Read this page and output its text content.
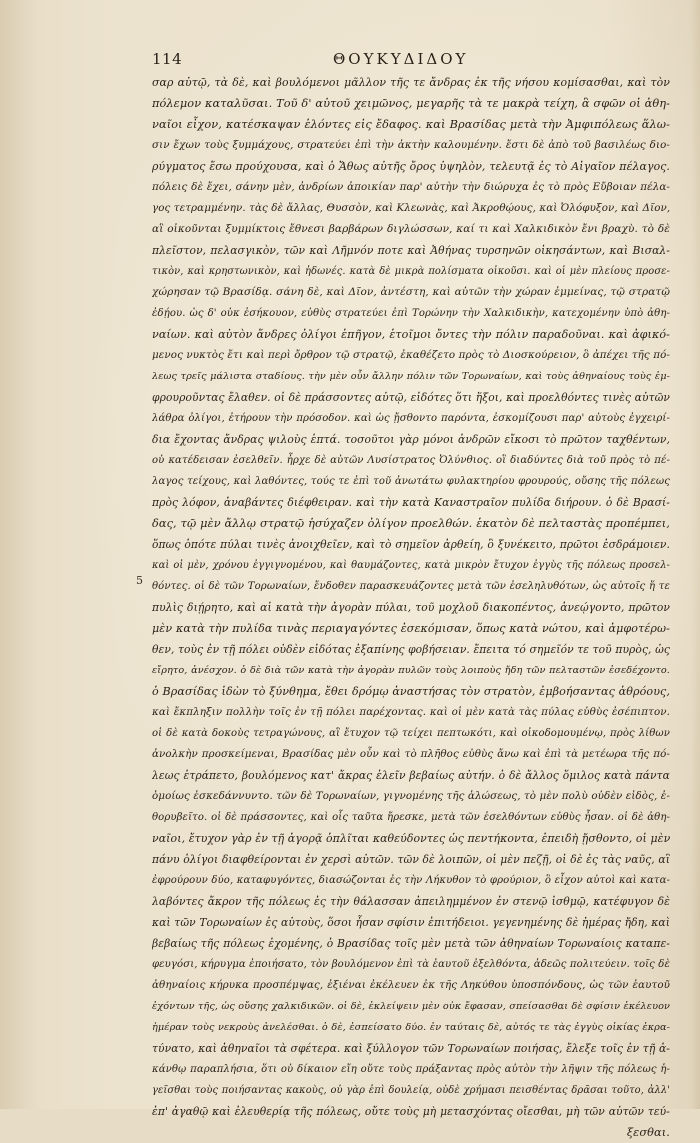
114	ΘΟΥΚΥΔΙΔΟΥ
5
σαρ αὐτῷ, τὰ δὲ, καὶ βουλόμενοι μᾶλλον τῆς τε ἄνδρας ἐκ τῆς νήσου κομίσασθαι, καὶ τὸν
πόλεμον καταλῦσαι. Τοῦ δ' αὐτοῦ χειμῶνος, μεγαρῆς τὰ τε μακρὰ τείχη, ἃ σφῶν οἱ ἀθη-
ναῖοι εἶχον, κατέσκαψαν ἑλόντες εἰς ἔδαφος. καὶ Βρασίδας μετὰ τὴν Ἀμφιπόλεως ἅλω-
σιν ἔχων τοὺς ξυμμάχους, στρατεύει ἐπὶ τὴν ἀκτὴν καλουμένην. ἔστι δὲ ἀπὸ τοῦ βασιλέως διο-
ρύγματος ἔσω προύχουσα, καὶ ὁ Ἄθως αὐτῆς ὄρος ὑψηλὸν, τελευτᾷ ἐς τὸ Αἰγαῖον πέλαγος.
πόλεις δὲ ἔχει, σάνην μὲν, ἀνδρίων ἀποικίαν παρ' αὐτὴν τὴν διώρυχα ἐς τὸ πρὸς Εὔβοιαν πέλα-
γος τετραμμένην. τὰς δὲ ἄλλας, Θυσσὸν, καὶ Κλεωνὰς, καὶ Ἀκροθῴους, καὶ Ὀλόφυξον, καὶ Δῖον,
αἳ οἰκοῦνται ξυμμίκτοις ἔθνεσι βαρβάρων διγλώσσων, καί τι καὶ Χαλκιδικὸν ἔνι βραχὺ. τὸ δὲ
πλεῖστον, πελασγικὸν, τῶν καὶ Λῆμνόν ποτε καὶ Ἀθήνας τυρσηνῶν οἰκησάντων, καὶ Βισαλ-
τικὸν, καὶ κρηστωνικὸν, καὶ ἠδωνές. κατὰ δὲ μικρὰ πολίσματα οἰκοῦσι. καὶ οἱ μὲν πλείους προσε-
χώρησαν τῷ Βρασίδᾳ. σάνη δὲ, καὶ Δῖον, ἀντέστη, καὶ αὐτῶν τὴν χώραν ἐμμείνας, τῷ στρατῷ
ἐδῄου. ὡς δ' οὐκ ἐσήκουον, εὐθὺς στρατεύει ἐπὶ Τορώνην τὴν Χαλκιδικὴν, κατεχομένην ὑπὸ ἀθη-
ναίων. καὶ αὐτὸν ἄνδρες ὀλίγοι ἐπῆγον, ἑτοῖμοι ὄντες τὴν πόλιν παραδοῦναι. καὶ ἀφικό-
μενος νυκτὸς ἔτι καὶ περὶ ὄρθρον τῷ στρατῷ, ἐκαθέζετο πρὸς τὸ Διοσκούρειον, ὃ ἀπέχει τῆς πό-
λεως τρεῖς μάλιστα σταδίους. τὴν μὲν οὖν ἄλλην πόλιν τῶν Τορωναίων, καὶ τοὺς ἀθηναίους τοὺς ἐμ-
φρουροῦντας ἔλαθεν. οἱ δὲ πράσσοντες αὐτῷ, εἰδότες ὅτι ἥξοι, καὶ προελθόντες τινὲς αὐτῶν
λάθρα ὀλίγοι, ἐτήρουν τὴν πρόσοδον. καὶ ὡς ᾔσθοντο παρόντα, ἐσκομίζουσι παρ' αὐτοὺς ἐγχειρί-
δια ἔχοντας ἄνδρας ψιλοὺς ἑπτά. τοσοῦτοι γὰρ μόνοι ἀνδρῶν εἴκοσι τὸ πρῶτον ταχθέντων,
οὐ κατέδεισαν ἐσελθεῖν. ἦρχε δὲ αὐτῶν Λυσίστρατος Ὀλύνθιος. οἳ διαδύντες διὰ τοῦ πρὸς τὸ πέ-
λαγος τείχους, καὶ λαθόντες, τούς τε ἐπὶ τοῦ ἀνωτάτω φυλακτηρίου φρουρούς, οὔσης τῆς πόλεως
πρὸς λόφον, ἀναβάντες διέφθειραν. καὶ τὴν κατὰ Καναστραῖον πυλίδα διήρουν. ὁ δὲ Βρασί-
δας, τῷ μὲν ἄλλῳ στρατῷ ἡσύχαζεν ὀλίγον προελθών. ἑκατὸν δὲ πελταστὰς προπέμπει,
ὅπως ὁπότε πύλαι τινὲς ἀνοιχθεῖεν, καὶ τὸ σημεῖον ἀρθείη, ὃ ξυνέκειτο, πρῶτοι ἐσδράμοιεν.
καὶ οἱ μὲν, χρόνου ἐγγιγνομένου, καὶ θαυμάζοντες, κατὰ μικρὸν ἔτυχον ἐγγὺς τῆς πόλεως προσελ-
θόντες. οἱ δὲ τῶν Τορωναίων, ἔνδοθεν παρασκευάζοντες μετὰ τῶν ἐσεληλυθότων, ὡς αὐτοῖς ἥ τε
πυλὶς διῄρητο, καὶ αἱ κατὰ τὴν ἀγορὰν πύλαι, τοῦ μοχλοῦ διακοπέντος, ἀνεῴγοντο, πρῶτον
μὲν κατὰ τὴν πυλίδα τινὰς περιαγαγόντες ἐσεκόμισαν, ὅπως κατὰ νώτου, καὶ ἀμφοτέρω-
θεν, τοὺς ἐν τῇ πόλει οὐδὲν εἰδότας ἐξαπίνης φοβήσειαν. ἔπειτα τό σημεῖόν τε τοῦ πυρὸς, ὡς
εἴρητο, ἀνέσχον. ὁ δὲ διὰ τῶν κατὰ τὴν ἀγορὰν πυλῶν τοὺς λοιποὺς ἤδη τῶν πελταστῶν ἐσεδέχοντο.
ὁ Βρασίδας ἰδὼν τὸ ξύνθημα, ἔθει δρόμῳ ἀναστήσας τὸν στρατὸν, ἐμβοήσαντας ἁθρόους,
καὶ ἔκπληξιν πολλὴν τοῖς ἐν τῇ πόλει παρέχοντας. καὶ οἱ μὲν κατὰ τὰς πύλας εὐθὺς ἐσέπιπτον.
οἱ δὲ κατὰ δοκοὺς τετραγώνους, αἳ ἔτυχον τῷ τείχει πεπτωκότι, καὶ οἰκοδομουμένῳ, πρὸς λίθων
ἀνολκὴν προσκείμεναι, Βρασίδας μὲν οὖν καὶ τὸ πλῆθος εὐθὺς ἄνω καὶ ἐπὶ τὰ μετέωρα τῆς πό-
λεως ἐτράπετο, βουλόμενος κατ' ἄκρας ἑλεῖν βεβαίως αὐτήν. ὁ δὲ ἄλλος ὅμιλος κατὰ πάντα
ὁμοίως ἐσκεδάννυντο. τῶν δὲ Τορωναίων, γιγνομένης τῆς ἁλώσεως, τὸ μὲν πολὺ οὐδὲν εἰδὸς, ἐ-
θορυβεῖτο. οἱ δὲ πράσσοντες, καὶ οἷς ταῦτα ἤρεσκε, μετὰ τῶν ἐσελθόντων εὐθὺς ἦσαν. οἱ δὲ ἀθη-
ναῖοι, ἔτυχον γὰρ ἐν τῇ ἀγορᾷ ὁπλῖται καθεύδοντες ὡς πεντήκοντα, ἐπειδὴ ᾔσθοντο, οἱ μὲν
πάνυ ὀλίγοι διαφθείρονται ἐν χερσὶ αὐτῶν. τῶν δὲ λοιπῶν, οἱ μὲν πεζῇ, οἱ δὲ ἐς τὰς ναῦς, αἳ
ἐφρούρουν δύο, καταφυγόντες, διασώζονται ἐς τὴν Λήκυθον τὸ φρούριον, ὃ εἶχον αὐτοὶ καὶ κατα-
λαβόντες ἄκρον τῆς πόλεως ἐς τὴν θάλασσαν ἀπειλημμένον ἐν στενῷ ἰσθμῷ, κατέφυγον δὲ
καὶ τῶν Τορωναίων ἐς αὐτοὺς, ὅσοι ἦσαν σφίσιν ἐπιτήδειοι. γεγενημένης δὲ ἡμέρας ἤδη, καὶ
βεβαίως τῆς πόλεως ἐχομένης, ὁ Βρασίδας τοῖς μὲν μετὰ τῶν ἀθηναίων Τορωναίοις καταπε-
φευγόσι, κήρυγμα ἐποιήσατο, τὸν βουλόμενον ἐπὶ τὰ ἑαυτοῦ ἐξελθόντα, ἀδεῶς πολιτεύειν. τοῖς δὲ
ἀθηναίοις κήρυκα προσπέμψας, ἐξιέναι ἐκέλευεν ἐκ τῆς Ληκύθου ὑποσπόνδους, ὡς τῶν ἑαυτοῦ
ἐχόντων τῆς, ὡς οὔσης χαλκιδικῶν. οἱ δὲ, ἐκλείψειν μὲν οὐκ ἔφασαν, σπείσασθαι δὲ σφίσιν ἐκέλευον
ἡμέραν τοὺς νεκροὺς ἀνελέσθαι. ὁ δὲ, ἐσπείσατο δύο. ἐν ταύταις δὲ, αὐτός τε τὰς ἐγγὺς οἰκίας ἐκρα-
τύνατο, καὶ ἀθηναῖοι τὰ σφέτερα. καὶ ξύλλογον τῶν Τορωναίων ποιήσας, ἔλεξε τοῖς ἐν τῇ ἀ-
κάνθῳ παραπλήσια, ὅτι οὐ δίκαιον εἴη οὔτε τοὺς πράξαντας πρὸς αὐτὸν τὴν λῆψιν τῆς πόλεως ἡ-
γεῖσθαι τοὺς ποιήσαντας κακοὺς, οὐ γὰρ ἐπὶ δουλείᾳ, οὐδὲ χρήμασι πεισθέντας δρᾶσαι τοῦτο, ἀλλ'
ἐπ' ἀγαθῷ καὶ ἐλευθερίᾳ τῆς πόλεως, οὔτε τοὺς μὴ μετασχόντας οἴεσθαι, μὴ τῶν αὐτῶν τεύ-
ξεσθαι.
